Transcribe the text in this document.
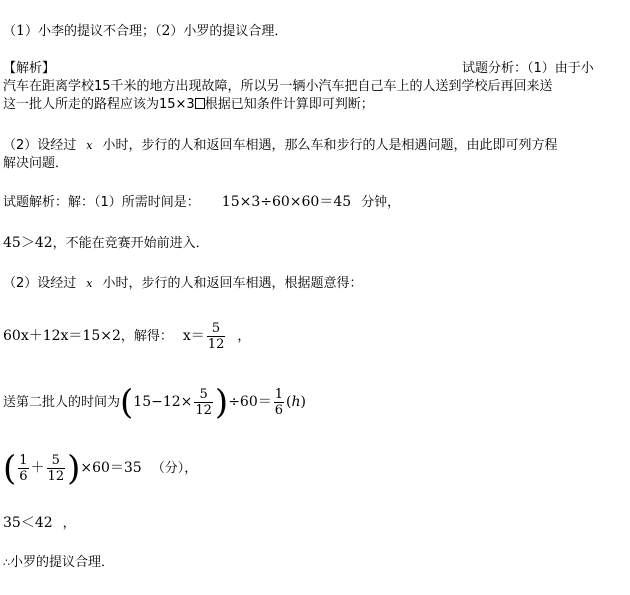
（1）小李的提议不合理；（2）小罗的提议合理．
【解析】	试题分析：（1）由于小
汽车在距离学校15千米的地方出现故障，所以另一辆小汽车把自己车上的人送到学校后再回来送
这一批人所走的路程应该为15×3 根据已知条件计算即可判断；
（2）设经过 x 小时，步行的人和返回车相遇，那么车和步行的人是相遇问题，由此即可列方程
解决问题．
试题解析：解：（1）所需时间是： 15×3÷60×60＝45 分钟，
45＞42，不能在竞赛开始前进入．
（2）设经过 x 小时，步行的人和返回车相遇，根据题意得：
60x＋12x＝15×2，解得： $x= \frac{5}{12}$ ，
送第二批人的时间为$(15-12\times \frac{5}{12} )\div 60= \frac{1}{6} (h)$
( $\frac{1}{6} + \frac{5}{12} )\times 60=35$ （分），
35＜42 ，
∴小罗的提议合理．
